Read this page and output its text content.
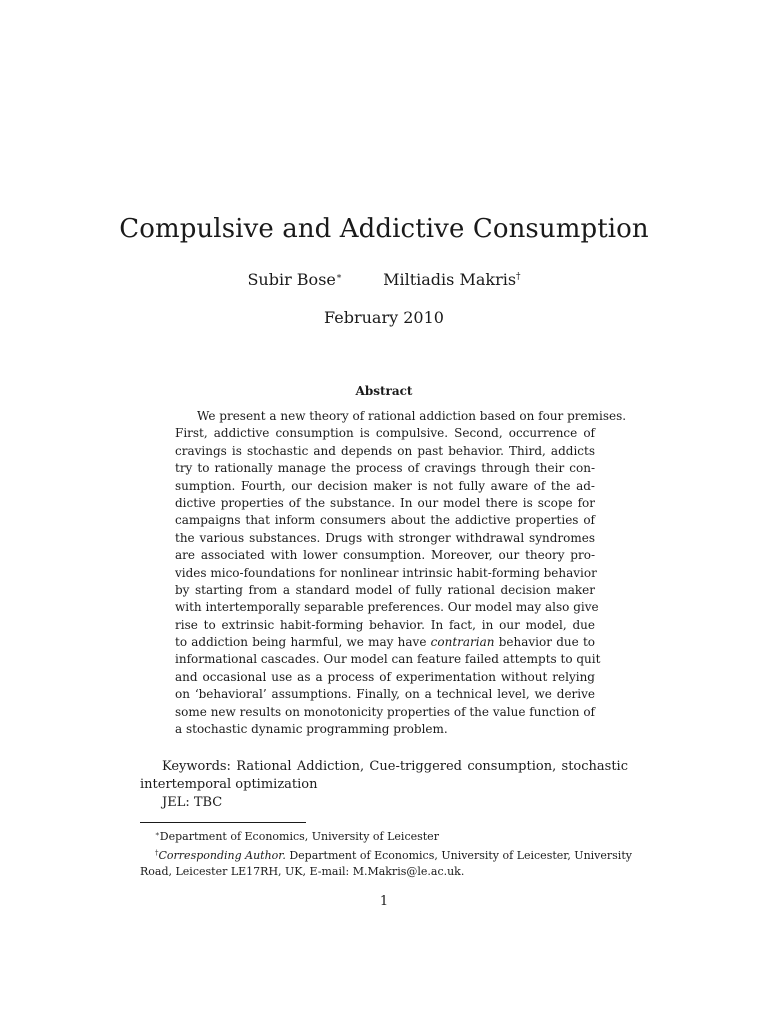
Compulsive and Addictive Consumption
Subir Bose∗	Miltiadis Makris†
February 2010
Abstract
We present a new theory of rational addiction based on four premises.
First, addictive consumption is compulsive. Second, occurrence of
cravings is stochastic and depends on past behavior. Third, addicts
try to rationally manage the process of cravings through their con-
sumption. Fourth, our decision maker is not fully aware of the ad-
dictive properties of the substance. In our model there is scope for
campaigns that inform consumers about the addictive properties of
the various substances. Drugs with stronger withdrawal syndromes
are associated with lower consumption. Moreover, our theory pro-
vides mico-foundations for nonlinear intrinsic habit-forming behavior
by starting from a standard model of fully rational decision maker
with intertemporally separable preferences. Our model may also give
rise to extrinsic habit-forming behavior. In fact, in our model, due
to addiction being harmful, we may have contrarian behavior due to
informational cascades. Our model can feature failed attempts to quit
and occasional use as a process of experimentation without relying
on ‘behavioral’ assumptions. Finally, on a technical level, we derive
some new results on monotonicity properties of the value function of
a stochastic dynamic programming problem.
Keywords: Rational Addiction, Cue-triggered consumption, stochastic
intertemporal optimization
JEL: TBC
∗Department of Economics, University of Leicester
†Corresponding Author. Department of Economics, University of Leicester, University
Road, Leicester LE17RH, UK, E-mail: M.Makris@le.ac.uk.
1
